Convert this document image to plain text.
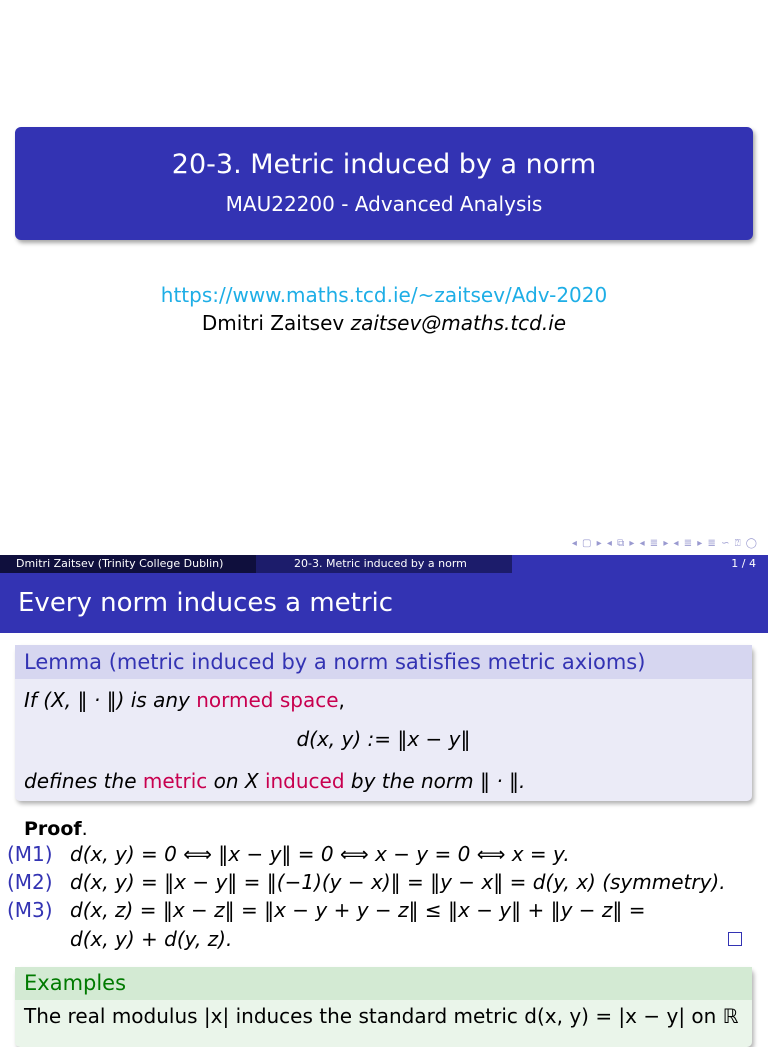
20-3. Metric induced by a norm
MAU22200 - Advanced Analysis
https://www.maths.tcd.ie/~zaitsev/Adv-2020
Dmitri Zaitsev zaitsev@maths.tcd.ie
◂ ▢ ▸ ◂ ⧉ ▸ ◂ ≣ ▸ ◂ ≣ ▸ ≣ ∽ ⍰ ◯
Dmitri Zaitsev (Trinity College Dublin)	20-3. Metric induced by a norm	1 / 4
Every norm induces a metric
Lemma (metric induced by a norm satisfies metric axioms)
If (X, ‖ · ‖) is any normed space,
d(x, y) := ‖x − y‖
defines the metric on X induced by the norm ‖ · ‖.
Proof.
(M1) d(x, y) = 0 ⟺ ‖x − y‖ = 0 ⟺ x − y = 0 ⟺ x = y.
(M2) d(x, y) = ‖x − y‖ = ‖(−1)(y − x)‖ = ‖y − x‖ = d(y, x) (symmetry).
(M3) d(x, z) = ‖x − z‖ = ‖x − y + y − z‖ ≤ ‖x − y‖ + ‖y − z‖ =
d(x, y) + d(y, z).
Examples
The real modulus |x| induces the standard metric d(x, y) = |x − y| on ℝ
